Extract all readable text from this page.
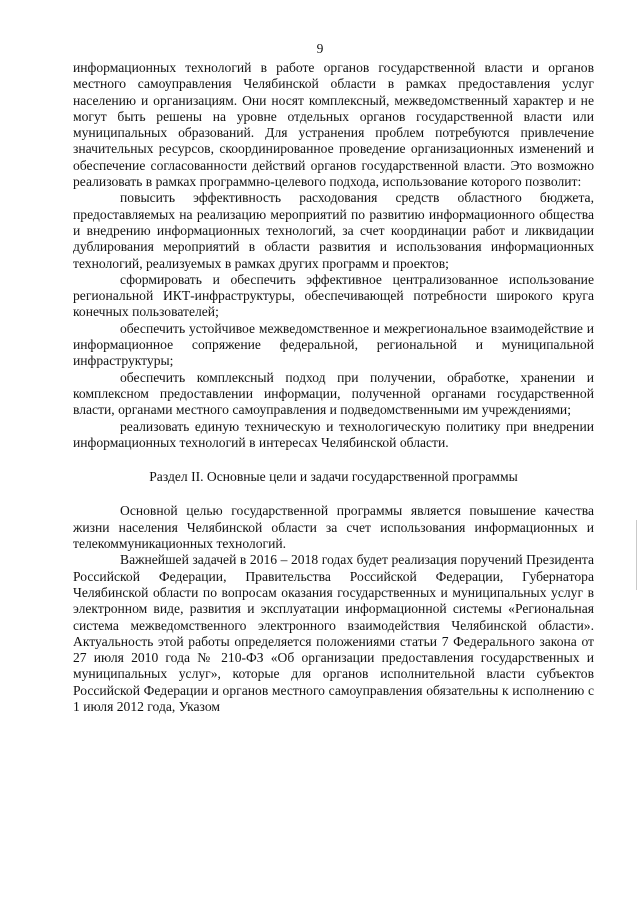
9

информационных технологий в работе органов государственной власти и органов местного самоуправления Челябинской области в рамках предоставления услуг населению и организациям. Они носят комплексный, межведомственный характер и не могут быть решены на уровне отдельных органов государственной власти или муниципальных образований. Для устранения проблем потребуются привлечение значительных ресурсов, скоординированное проведение организационных изменений и обеспечение согласованности действий органов государственной власти. Это возможно реализовать в рамках программно-целевого подхода, использование которого позволит:

повысить эффективность расходования средств областного бюджета, предоставляемых на реализацию мероприятий по развитию информационного общества и внедрению информационных технологий, за счет координации работ и ликвидации дублирования мероприятий в области развития и использования информационных технологий, реализуемых в рамках других программ и проектов;

сформировать и обеспечить эффективное централизованное использование региональной ИКТ-инфраструктуры, обеспечивающей потребности широкого круга конечных пользователей;

обеспечить устойчивое межведомственное и межрегиональное взаимодействие и информационное сопряжение федеральной, региональной и муниципальной инфраструктуры;

обеспечить комплексный подход при получении, обработке, хранении и комплексном предоставлении информации, полученной органами государственной власти, органами местного самоуправления и подведомственными им учреждениями;

реализовать единую техническую и технологическую политику при внедрении информационных технологий в интересах Челябинской области.

Раздел II. Основные цели и задачи государственной программы

Основной целью государственной программы является повышение качества жизни населения Челябинской области за счет использования информационных и телекоммуникационных технологий.

Важнейшей задачей в 2016 – 2018 годах будет реализация поручений Президента Российской Федерации, Правительства Российской Федерации, Губернатора Челябинской области по вопросам оказания государственных и муниципальных услуг в электронном виде, развития и эксплуатации информационной системы «Региональная система межведомственного электронного взаимодействия Челябинской области». Актуальность этой работы определяется положениями статьи 7 Федерального закона от 27 июля 2010 года № 210-ФЗ «Об организации предоставления государственных и муниципальных услуг», которые для органов исполнительной власти субъектов Российской Федерации и органов местного самоуправления обязательны к исполнению с 1 июля 2012 года, Указом
